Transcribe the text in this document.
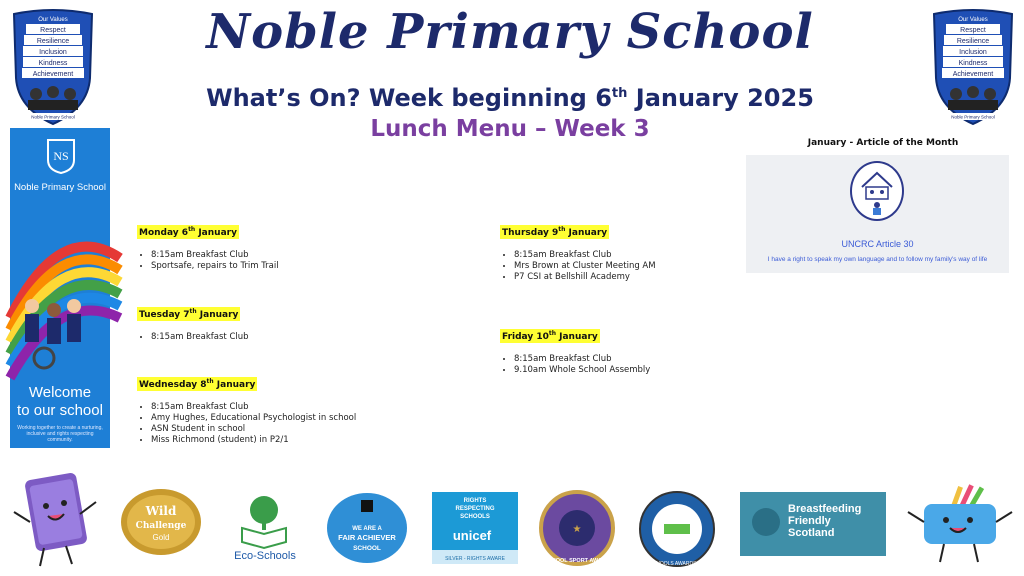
Noble Primary School
What’s On? Week beginning 6th January 2025
Lunch Menu – Week 3
Our Values
Respect
Resilience
Inclusion
Kindness
Achievement
Noble Primary School
Our Values
Respect
Resilience
Inclusion
Kindness
Achievement
Noble Primary School
NS
Noble Primary School
Welcome
to our school
Working together to create a nurturing, inclusive and rights respecting community.
Monday 6th January
• 8:15am Breakfast Club
• Sportsafe, repairs to Trim Trail
Tuesday 7th January
• 8:15am Breakfast Club
Wednesday 8th January
• 8:15am Breakfast Club
• Amy Hughes, Educational Psychologist in school
• ASN Student in school
• Miss Richmond (student) in P2/1
Thursday 9th January
• 8:15am Breakfast Club
• Mrs Brown at Cluster Meeting AM
• P7 CSI at Bellshill Academy
Friday 10th January
• 8:15am Breakfast Club
• 9.10am Whole School Assembly
January - Article of the Month
UNCRC Article 30
I have a right to speak my own language and to follow my family's way of life
Wild
Challenge
Gold
Eco-Schools
WE ARE A
FAIR ACHIEVER
SCHOOL
RIGHTS
RESPECTING
SCHOOLS
unicef
SILVER - RIGHTS AWARE
★
SCHOOL SPORT AWARD	DIGITAL SCHOOLS AWARDS SCOTLAND
Breastfeeding
Friendly
Scotland
